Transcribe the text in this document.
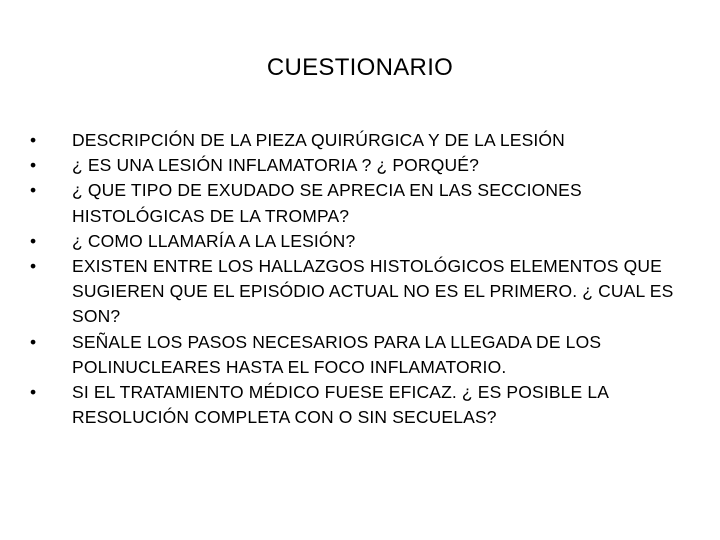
CUESTIONARIO
•	DESCRIPCIÓN DE LA PIEZA QUIRÚRGICA Y DE LA LESIÓN
•	¿ ES UNA LESIÓN INFLAMATORIA ? ¿ PORQUÉ?
•	¿ QUE TIPO DE EXUDADO SE APRECIA EN LAS SECCIONES HISTOLÓGICAS DE LA TROMPA?
•	¿ COMO LLAMARÍA A LA LESIÓN?
•	EXISTEN ENTRE LOS HALLAZGOS HISTOLÓGICOS ELEMENTOS QUE SUGIEREN QUE EL EPISÓDIO ACTUAL NO ES EL PRIMERO. ¿ CUAL ES SON?
•	SEÑALE LOS PASOS NECESARIOS PARA LA LLEGADA DE LOS POLINUCLEARES HASTA EL FOCO INFLAMATORIO.
•	SI EL TRATAMIENTO MÉDICO FUESE EFICAZ. ¿ ES POSIBLE LA RESOLUCIÓN COMPLETA CON O SIN SECUELAS?
